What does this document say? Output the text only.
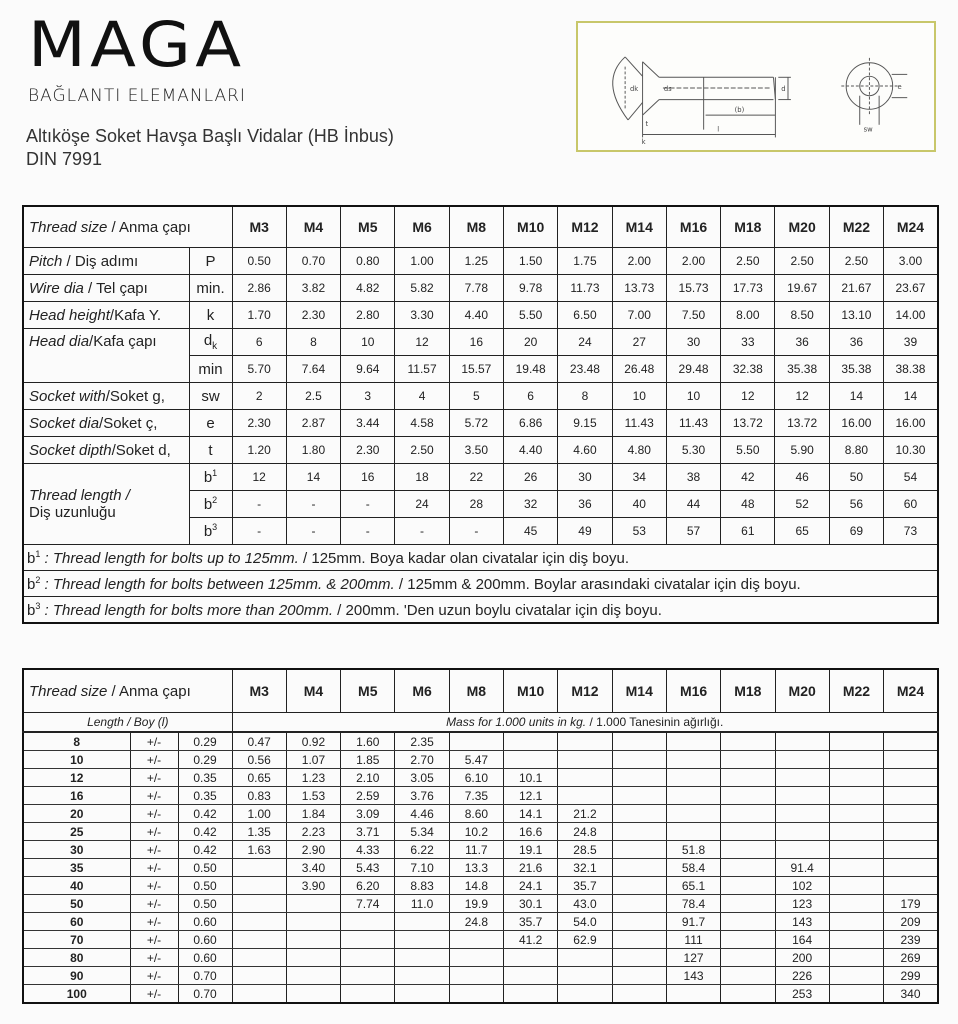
MAGA
BAĞLANTI ELEMANLARI
Altıköşe Soket Havşa Başlı Vidalar (HB İnbus)
DIN 7991
dk	ds	d
k
t
(b)
l
e
sw
Thread size / Anma çapı		M3	M4	M5	M6	M8	M10	M12	M14	M16	M18	M20	M22	M24
Pitch / Diş adımı	P	0.50	0.70	0.80	1.00	1.25	1.50	1.75	2.00	2.00	2.50	2.50	2.50	3.00
Wire dia / Tel çapı	min.	2.86	3.82	4.82	5.82	7.78	9.78	11.73	13.73	15.73	17.73	19.67	21.67	23.67
Head height/Kafa Y.	k	1.70	2.30	2.80	3.30	4.40	5.50	6.50	7.00	7.50	8.00	8.50	13.10	14.00
Head dia/Kafa çapı	$d_k$	6	8	10	12	16	20	24	27	30	33	36	36	39
	min	5.70	7.64	9.64	11.57	15.57	19.48	23.48	26.48	29.48	32.38	35.38	35.38	38.38
Socket with/Soket g,	sw	2	2.5	3	4	5	6	8	10	10	12	12	14	14
Socket dia/Soket ç,	e	2.30	2.87	3.44	4.58	5.72	6.86	9.15	11.43	11.43	13.72	13.72	16.00	16.00
Socket dipth/Soket d,	t	1.20	1.80	2.30	2.50	3.50	4.40	4.60	4.80	5.30	5.50	5.90	8.80	10.30
Thread length /
Diş uzunluğu	$b^1$	12	14	16	18	22	26	30	34	38	42	46	50	54
	$b^2$	-	-	-	24	28	32	36	40	44	48	52	56	60
	$b^3$	-	-	-	-	-	45	49	53	57	61	65	69	73
$b^1$ : Thread length for bolts up to 125mm. / 125mm. Boya kadar olan civatalar için diş boyu.														
$b^2$ : Thread length for bolts between 125mm. & 200mm. / 125mm & 200mm. Boylar arasındaki civatalar için diş boyu.														
$b^3$ : Thread length for bolts more than 200mm. / 200mm. 'Den uzun boylu civatalar için diş boyu.														
Thread size / Anma çapı			M3	M4	M5	M6	M8	M10	M12	M14	M16	M18	M20	M22	M24
Length / Boy (l)			Mass for 1.000 units in kg. / 1.000 Tanesinin ağırlığı.												
8	+/-	0.29	0.47	0.92	1.60	2.35									
10	+/-	0.29	0.56	1.07	1.85	2.70	5.47								
12	+/-	0.35	0.65	1.23	2.10	3.05	6.10	10.1							
16	+/-	0.35	0.83	1.53	2.59	3.76	7.35	12.1							
20	+/-	0.42	1.00	1.84	3.09	4.46	8.60	14.1	21.2						
25	+/-	0.42	1.35	2.23	3.71	5.34	10.2	16.6	24.8						
30	+/-	0.42	1.63	2.90	4.33	6.22	11.7	19.1	28.5		51.8				
35	+/-	0.50		3.40	5.43	7.10	13.3	21.6	32.1		58.4		91.4		
40	+/-	0.50		3.90	6.20	8.83	14.8	24.1	35.7		65.1		102		
50	+/-	0.50			7.74	11.0	19.9	30.1	43.0		78.4		123		179
60	+/-	0.60					24.8	35.7	54.0		91.7		143		209
70	+/-	0.60						41.2	62.9		111		164		239
80	+/-	0.60									127		200		269
90	+/-	0.70									143		226		299
100	+/-	0.70											253		340
